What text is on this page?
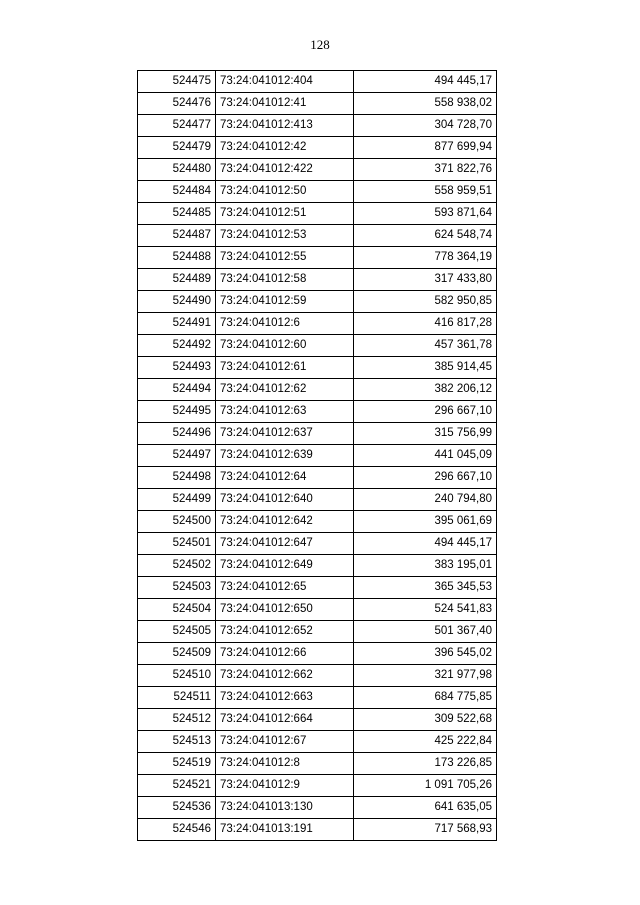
128
524475	73:24:041012:404	494 445,17
524476	73:24:041012:41	558 938,02
524477	73:24:041012:413	304 728,70
524479	73:24:041012:42	877 699,94
524480	73:24:041012:422	371 822,76
524484	73:24:041012:50	558 959,51
524485	73:24:041012:51	593 871,64
524487	73:24:041012:53	624 548,74
524488	73:24:041012:55	778 364,19
524489	73:24:041012:58	317 433,80
524490	73:24:041012:59	582 950,85
524491	73:24:041012:6	416 817,28
524492	73:24:041012:60	457 361,78
524493	73:24:041012:61	385 914,45
524494	73:24:041012:62	382 206,12
524495	73:24:041012:63	296 667,10
524496	73:24:041012:637	315 756,99
524497	73:24:041012:639	441 045,09
524498	73:24:041012:64	296 667,10
524499	73:24:041012:640	240 794,80
524500	73:24:041012:642	395 061,69
524501	73:24:041012:647	494 445,17
524502	73:24:041012:649	383 195,01
524503	73:24:041012:65	365 345,53
524504	73:24:041012:650	524 541,83
524505	73:24:041012:652	501 367,40
524509	73:24:041012:66	396 545,02
524510	73:24:041012:662	321 977,98
524511	73:24:041012:663	684 775,85
524512	73:24:041012:664	309 522,68
524513	73:24:041012:67	425 222,84
524519	73:24:041012:8	173 226,85
524521	73:24:041012:9	1 091 705,26
524536	73:24:041013:130	641 635,05
524546	73:24:041013:191	717 568,93
